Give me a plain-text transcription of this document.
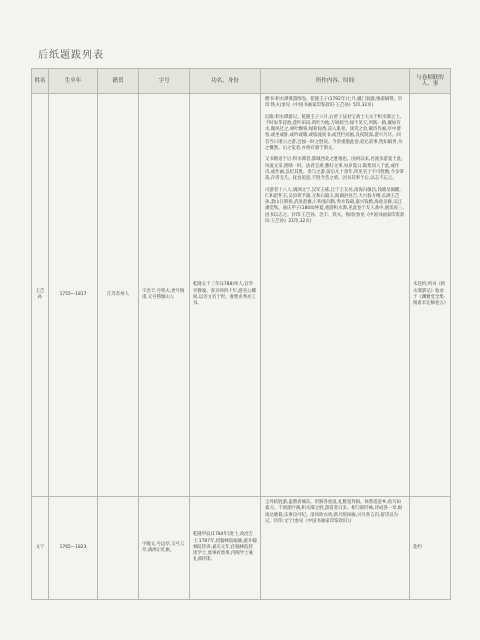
后纸题跋列表
姓名	生卒年	籍贯	字号	功名、身份	所作内容、时间	与卷相联的人、事
王芑孙	1755—1817	江苏苏州人	字念丰,号铁夫,更号惕甫,又号楞伽山人	乾隆五十三年(1788)举人,官华亭教谕。客京师四十年,游名公卿间,以诗文名于世。妻曹贞秀亦工书。	楷书:积水潭燕游图卷。乾隆壬子(1792年)七月,橘门翁题,惕甫稿赞。钤印:铁夫(参见《中国书画家印鉴款识·王芑孙》5印,32页)
后跋:积水潭游记。乾隆壬子六月,右庶子法君宝斋士大夫于积水潭之上。于时朱华冒池,莲叶田田,荷叶为地,万顷暗空,绿不见天,所践一路,翼如有水,微风过之,翠叶飘零,绿荷间香,凉入肌骨。谈笑之余,赋诗作画,亭中诸客,或坐或卧,或吟或啸,或临流而书,或凭栏而画,良夜既深,游兴乃尽。回首当日诸公之游,岂独一时之胜哉。今余重题此卷,追忆前事,恍如隔世,为之慨然。后之览者,亦将有感于斯文。
又书数语于后:积水潭者,都城西北之胜地也。国初以来,名流多游宴于此,风流文采,照映一时。法君宝斋,雅好文事,每岁夏日,辄集同人于此,或作诗,或作画,以纪其胜。余与之游,前后凡十余年,所见名士不可胜数,今多零落,存者无几。抚卷追思,不胜今昔之感。因书其事于后,以志不忘云。
可游者十八人:满洲文宁,汉军玉栋,江宁王友亮,南海冯敏昌,钱塘吴锡麒,仁和赵怀玉,吴县蒋予蒲,元和石韫玉,阳湖洪亮吉,大兴翁方纲,长洲王芑孙,萧山汪辉祖,武进赵翼,仁和张问陶,秀水钱载,嘉兴钱楷,海盐吴修,吴江潘奕隽。嘉庆甲子(1804)仲夏,重游积水潭,见此卷于友人斋中,展读再三,因书以志之。钤印:王芑孙、念丰、铁夫、惕甫(参见《中国书画家印鉴款识·王芑孙》21印,32页)	未赴约;所书《积水潭游记》收录于《渊雅堂全集·惕甫未定稿卷五》
文宁	1765—1823		字殿文,号远亭,又号云亭,满洲正红旗。	乾隆甲辰(1784年)进士,改庶吉士,1787年,授翰林院编修,旋升翰林院侍讲,嘉庆元年,任翰林院侍读学士,詹事府詹事,内阁学士兼礼部侍郎。	尘外结胜游,盍簪喜城东。形骸各放浪,礼数宽拜揖。休然适意乡,鱼鸟如素习。千顷莲叶满,积水潭之胜,游赏者日多。相与联吟咏,诗成各一章,纵谈达晓暮,乐事良可纪。清风吹衣袂,新月照回廊,兴尽各言归,留诗以为记。钤印:文宁(参见《中国书画家印鉴款识》)	赴约
